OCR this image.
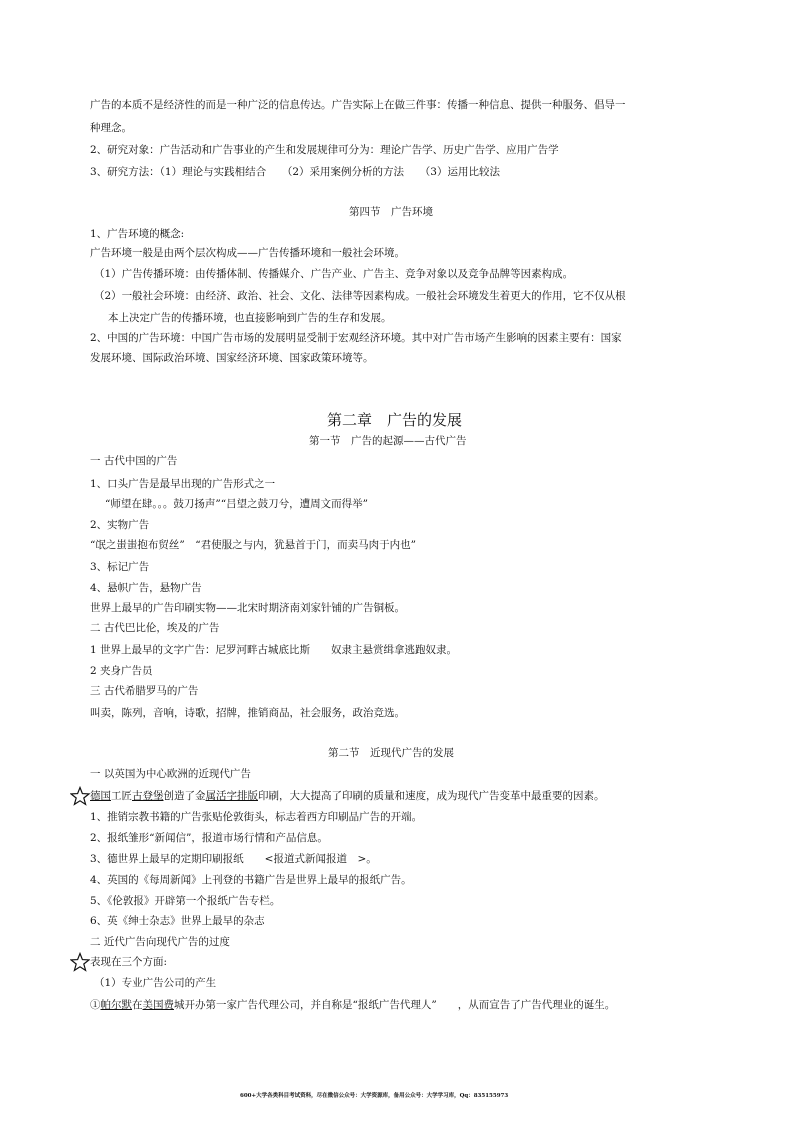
广告的本质不是经济性的而是一种广泛的信息传达。广告实际上在做三件事：传播一种信息、提供一种服务、倡导一
种理念。
2、研究对象：广告活动和广告事业的产生和发展规律可分为：理论广告学、历史广告学、应用广告学
3、研究方法：（1）理论与实践相结合　　（2）采用案例分析的方法　　（3）运用比较法
第四节　广告环境
1、广告环境的概念:
广告环境一般是由两个层次构成——广告传播环境和一般社会环境。
（1）广告传播环境：由传播体制、传播媒介、广告产业、广告主、竞争对象以及竞争品牌等因素构成。
（2）一般社会环境：由经济、政治、社会、文化、法律等因素构成。一般社会环境发生着更大的作用，它不仅从根
本上决定广告的传播环境，也直接影响到广告的生存和发展。
2、中国的广告环境：中国广告市场的发展明显受制于宏观经济环境。其中对广告市场产生影响的因素主要有：国家
发展环境、国际政治环境、国家经济环境、国家政策环境等。
第二章　广告的发展
第一节　广告的起源——古代广告
一 古代中国的广告
1、口头广告是最早出现的广告形式之一
“师望在肆。。。鼓刀扬声”“吕望之鼓刀兮，遭周文而得举”
2、实物广告
“氓之蚩蚩抱布贸丝”　“君使服之与内，犹悬首于门，而卖马肉于内也”
3、标记广告
4、悬帜广告，悬物广告
世界上最早的广告印刷实物——北宋时期济南刘家针铺的广告铜板。
二 古代巴比伦，埃及的广告
1 世界上最早的文字广告：尼罗河畔古城底比斯　　奴隶主悬赏缉拿逃跑奴隶。
2 夹身广告员
三 古代希腊罗马的广告
叫卖，陈列，音响，诗歌，招牌，推销商品，社会服务，政治竞选。
第二节　近现代广告的发展
一 以英国为中心欧洲的近现代广告
德国工匠古登堡创造了金属活字排版印刷，大大提高了印刷的质量和速度，成为现代广告变革中最重要的因素。
1、推销宗教书籍的广告张贴伦敦街头，标志着西方印刷品广告的开端。
2、报纸雏形“新闻信”，报道市场行情和产品信息。
3、德世界上最早的定期印刷报纸　　<报道式新闻报道　>。
4、英国的《每周新闻》上刊登的书籍广告是世界上最早的报纸广告。
5、《伦敦报》开辟第一个报纸广告专栏。
6、英《绅士杂志》世界上最早的杂志
二 近代广告向现代广告的过度
表现在三个方面:
（1）专业广告公司的产生
①帕尔默在美国费城开办第一家广告代理公司，并自称是“报纸广告代理人”　　，从而宣告了广告代理业的诞生。
600+大学各类科目考试资料，尽在微信公众号：大学资源库，备用公众号：大学学习库，Qq：835155973
